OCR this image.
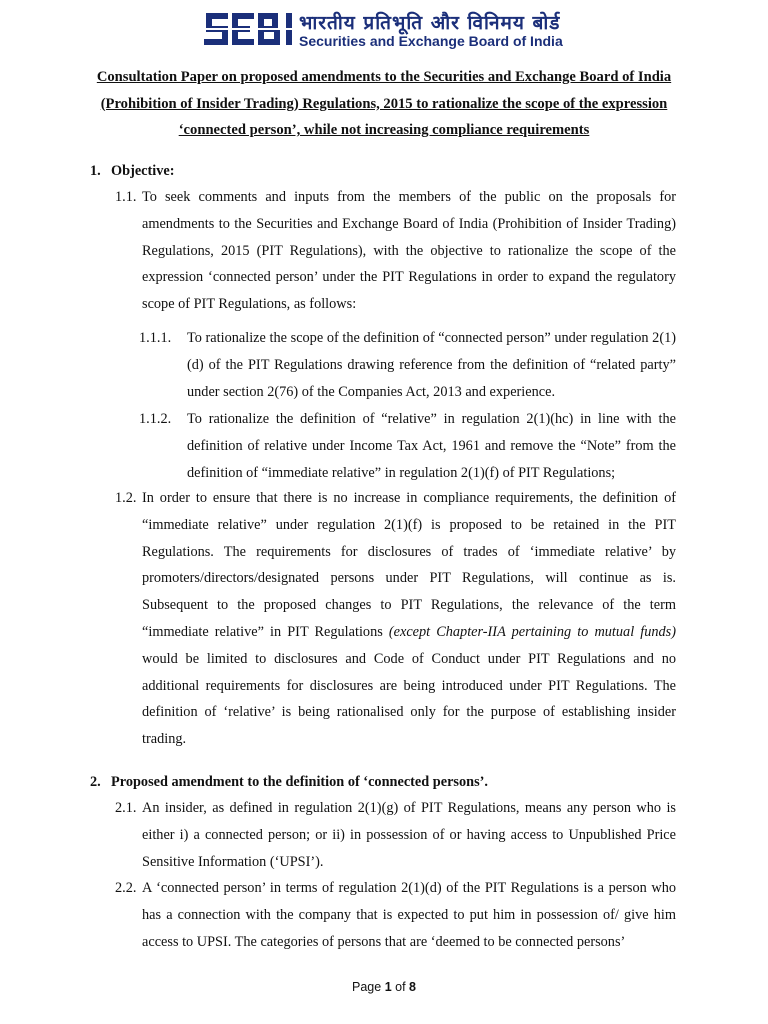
भारतीय प्रतिभूति और विनिमय बोर्ड
Securities and Exchange Board of India
Consultation Paper on proposed amendments to the Securities and Exchange Board of India (Prohibition of Insider Trading) Regulations, 2015 to rationalize the scope of the expression ‘connected person’, while not increasing compliance requirements
1. Objective:
1.1. To seek comments and inputs from the members of the public on the proposals for amendments to the Securities and Exchange Board of India (Prohibition of Insider Trading) Regulations, 2015 (PIT Regulations), with the objective to rationalize the scope of the expression ‘connected person’ under the PIT Regulations in order to expand the regulatory scope of PIT Regulations, as follows:
1.1.1. To rationalize the scope of the definition of “connected person” under regulation 2(1)(d) of the PIT Regulations drawing reference from the definition of “related party” under section 2(76) of the Companies Act, 2013 and experience.
1.1.2. To rationalize the definition of “relative” in regulation 2(1)(hc) in line with the definition of relative under Income Tax Act, 1961 and remove the “Note” from the definition of “immediate relative” in regulation 2(1)(f) of PIT Regulations;
1.2. In order to ensure that there is no increase in compliance requirements, the definition of “immediate relative” under regulation 2(1)(f) is proposed to be retained in the PIT Regulations. The requirements for disclosures of trades of ‘immediate relative’ by promoters/directors/designated persons under PIT Regulations, will continue as is. Subsequent to the proposed changes to PIT Regulations, the relevance of the term “immediate relative” in PIT Regulations (except Chapter-IIA pertaining to mutual funds) would be limited to disclosures and Code of Conduct under PIT Regulations and no additional requirements for disclosures are being introduced under PIT Regulations. The definition of ‘relative’ is being rationalised only for the purpose of establishing insider trading.
2. Proposed amendment to the definition of ‘connected persons’.
2.1. An insider, as defined in regulation 2(1)(g) of PIT Regulations, means any person who is either i) a connected person; or ii) in possession of or having access to Unpublished Price Sensitive Information (‘UPSI’).
2.2. A ‘connected person’ in terms of regulation 2(1)(d) of the PIT Regulations is a person who has a connection with the company that is expected to put him in possession of/ give him access to UPSI. The categories of persons that are ‘deemed to be connected persons’
Page 1 of 8
